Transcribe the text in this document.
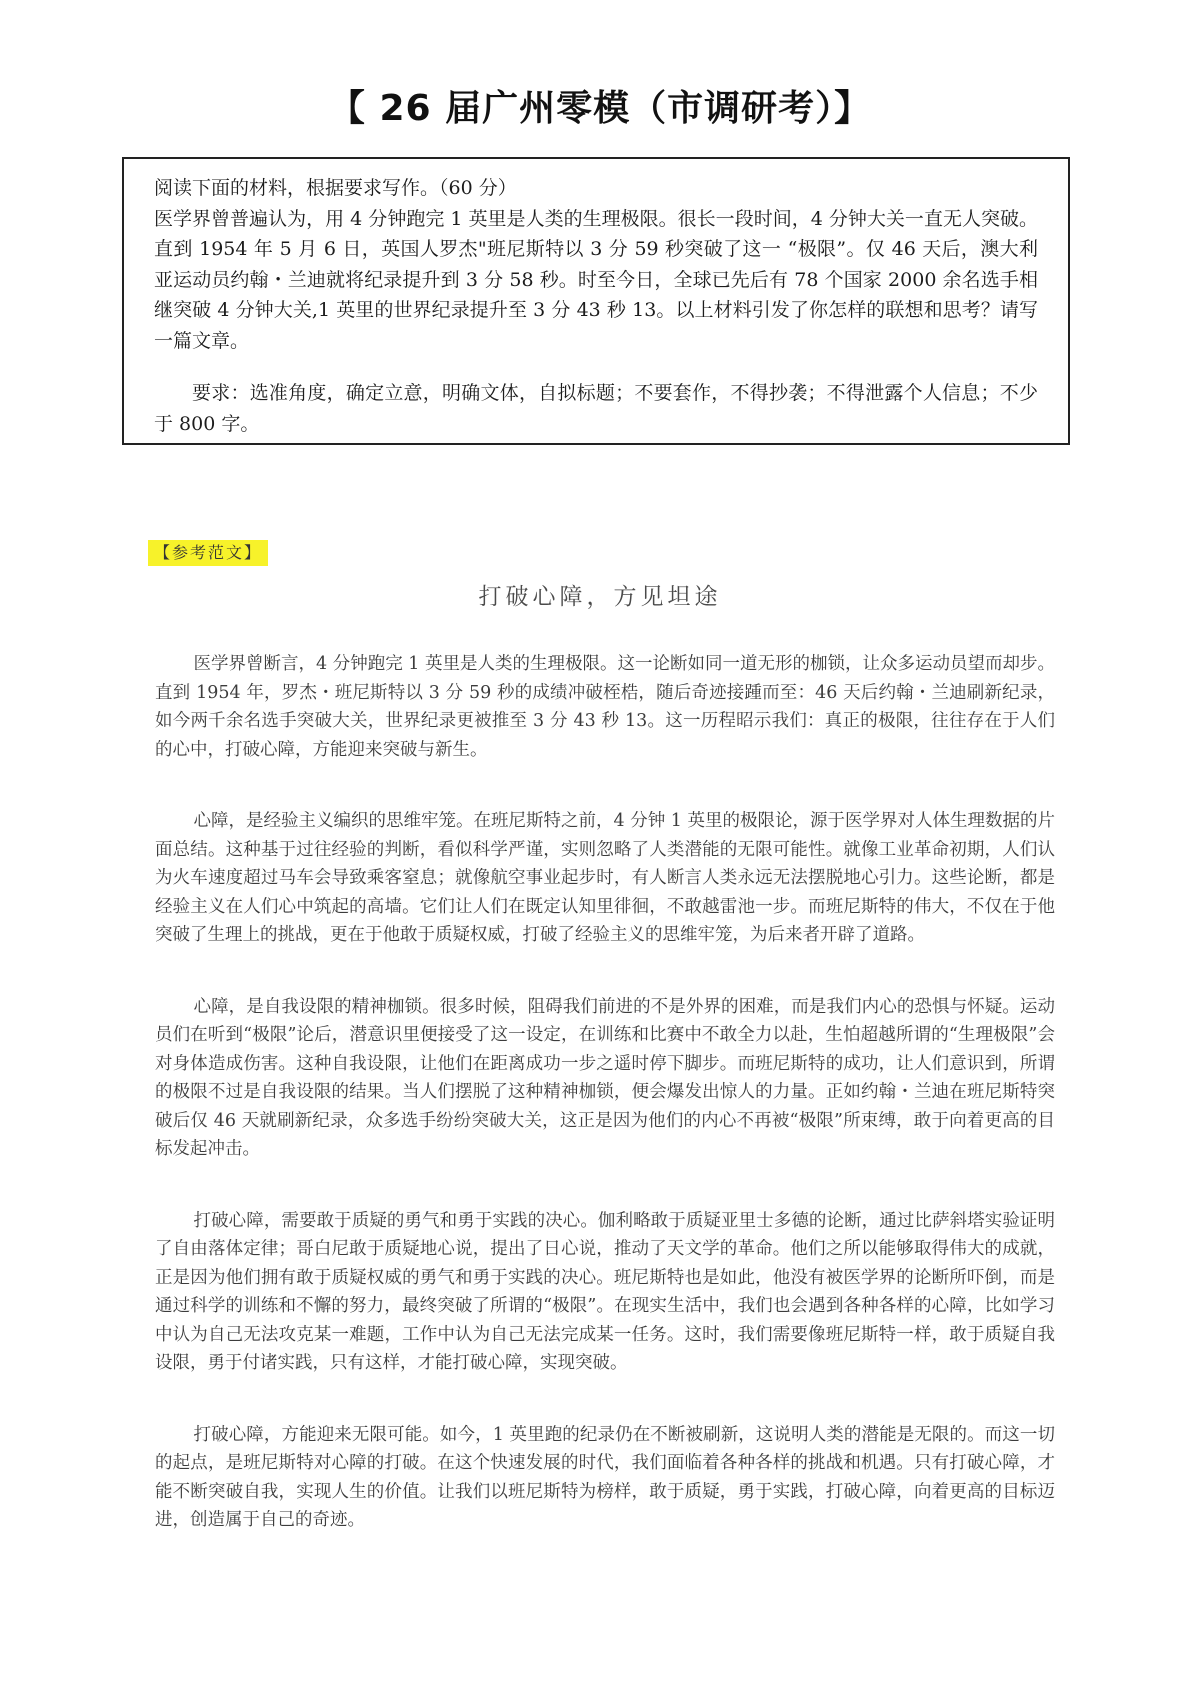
【 26 届广州零模（市调研考）】

阅读下面的材料，根据要求写作。（60 分）

医学界曾普遍认为，用 4 分钟跑完 1 英里是人类的生理极限。很长一段时间，4 分钟大关一直无人突破。直到 1954 年 5 月 6 日，英国人罗杰"班尼斯特以 3 分 59 秒突破了这一 “极限”。仅 46 天后，澳大利亚运动员约翰・兰迪就将纪录提升到 3 分 58 秒。时至今日，全球已先后有 78 个国家 2000 余名选手相继突破 4 分钟大关,1 英里的世界纪录提升至 3 分 43 秒 13。以上材料引发了你怎样的联想和思考？请写一篇文章。

要求：选准角度，确定立意，明确文体，自拟标题；不要套作，不得抄袭；不得泄露个人信息；不少于 800 字。

【参考范文】
打破心障，方见坦途

医学界曾断言，4 分钟跑完 1 英里是人类的生理极限。这一论断如同一道无形的枷锁，让众多运动员望而却步。直到 1954 年，罗杰・班尼斯特以 3 分 59 秒的成绩冲破桎梏，随后奇迹接踵而至：46 天后约翰・兰迪刷新纪录，如今两千余名选手突破大关，世界纪录更被推至 3 分 43 秒 13。这一历程昭示我们：真正的极限，往往存在于人们的心中，打破心障，方能迎来突破与新生。

心障，是经验主义编织的思维牢笼。在班尼斯特之前，4 分钟 1 英里的极限论，源于医学界对人体生理数据的片面总结。这种基于过往经验的判断，看似科学严谨，实则忽略了人类潜能的无限可能性。就像工业革命初期，人们认为火车速度超过马车会导致乘客窒息；就像航空事业起步时，有人断言人类永远无法摆脱地心引力。这些论断，都是经验主义在人们心中筑起的高墙。它们让人们在既定认知里徘徊，不敢越雷池一步。而班尼斯特的伟大，不仅在于他突破了生理上的挑战，更在于他敢于质疑权威，打破了经验主义的思维牢笼，为后来者开辟了道路。

心障，是自我设限的精神枷锁。很多时候，阻碍我们前进的不是外界的困难，而是我们内心的恐惧与怀疑。运动员们在听到“极限”论后，潜意识里便接受了这一设定，在训练和比赛中不敢全力以赴，生怕超越所谓的“生理极限”会对身体造成伤害。这种自我设限，让他们在距离成功一步之遥时停下脚步。而班尼斯特的成功，让人们意识到，所谓的极限不过是自我设限的结果。当人们摆脱了这种精神枷锁，便会爆发出惊人的力量。正如约翰・兰迪在班尼斯特突破后仅 46 天就刷新纪录，众多选手纷纷突破大关，这正是因为他们的内心不再被“极限”所束缚，敢于向着更高的目标发起冲击。

打破心障，需要敢于质疑的勇气和勇于实践的决心。伽利略敢于质疑亚里士多德的论断，通过比萨斜塔实验证明了自由落体定律；哥白尼敢于质疑地心说，提出了日心说，推动了天文学的革命。他们之所以能够取得伟大的成就，正是因为他们拥有敢于质疑权威的勇气和勇于实践的决心。班尼斯特也是如此，他没有被医学界的论断所吓倒，而是通过科学的训练和不懈的努力，最终突破了所谓的“极限”。在现实生活中，我们也会遇到各种各样的心障，比如学习中认为自己无法攻克某一难题，工作中认为自己无法完成某一任务。这时，我们需要像班尼斯特一样，敢于质疑自我设限，勇于付诸实践，只有这样，才能打破心障，实现突破。

打破心障，方能迎来无限可能。如今，1 英里跑的纪录仍在不断被刷新，这说明人类的潜能是无限的。而这一切的起点，是班尼斯特对心障的打破。在这个快速发展的时代，我们面临着各种各样的挑战和机遇。只有打破心障，才能不断突破自我，实现人生的价值。让我们以班尼斯特为榜样，敢于质疑，勇于实践，打破心障，向着更高的目标迈进，创造属于自己的奇迹。
